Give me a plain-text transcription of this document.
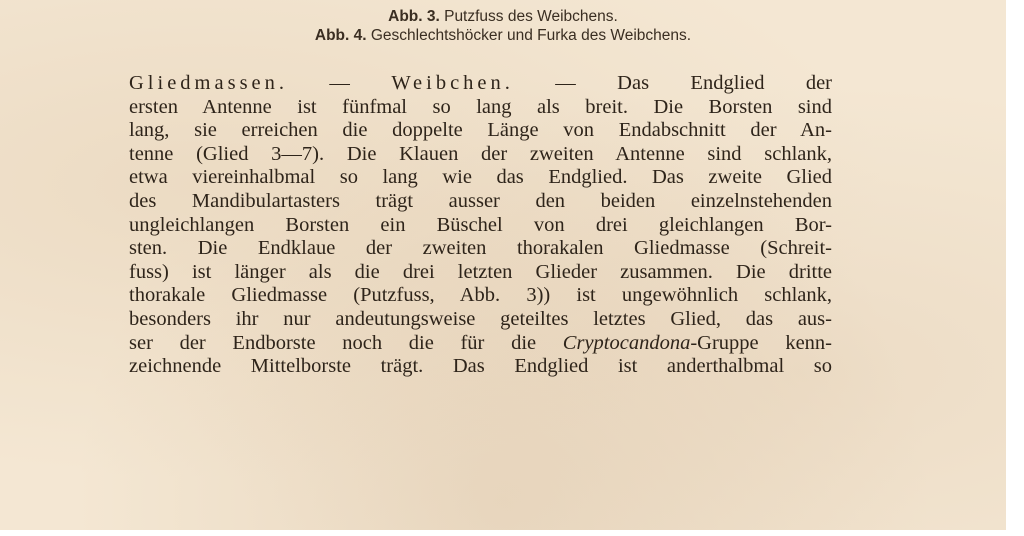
Abb. 3. Putzfuss des Weibchens.
Abb. 4. Geschlechtshöcker und Furka des Weibchens.
Gliedmassen. — Weibchen. — Das Endglied der
ersten Antenne ist fünfmal so lang als breit. Die Borsten sind
lang, sie erreichen die doppelte Länge von Endabschnitt der An-
tenne (Glied 3—7). Die Klauen der zweiten Antenne sind schlank,
etwa viereinhalbmal so lang wie das Endglied. Das zweite Glied
des Mandibulartasters trägt ausser den beiden einzelnstehenden
ungleichlangen Borsten ein Büschel von drei gleichlangen Bor-
sten. Die Endklaue der zweiten thorakalen Gliedmasse (Schreit-
fuss) ist länger als die drei letzten Glieder zusammen. Die dritte
thorakale Gliedmasse (Putzfuss, Abb. 3)) ist ungewöhnlich schlank,
besonders ihr nur andeutungsweise geteiltes letztes Glied, das aus-
ser der Endborste noch die für die Cryptocandona-Gruppe kenn-
zeichnende Mittelborste trägt. Das Endglied ist anderthalbmal so
